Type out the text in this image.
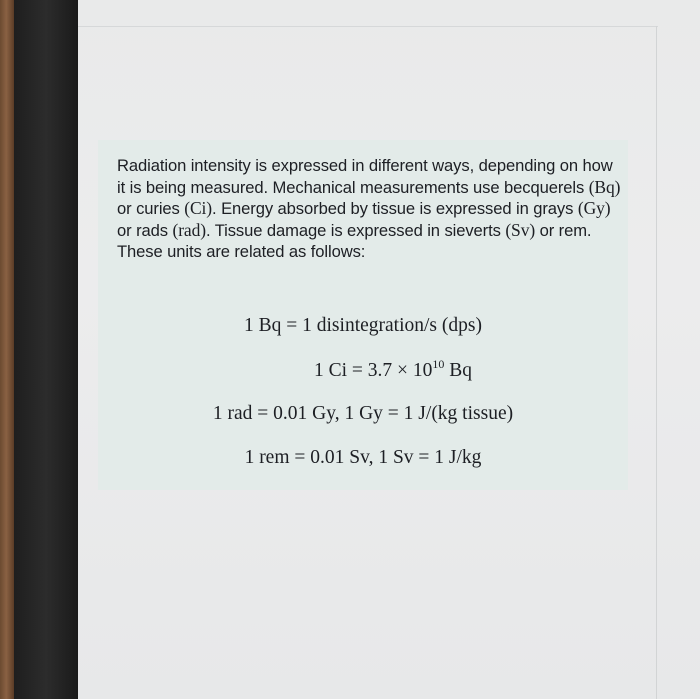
Radiation intensity is expressed in different ways, depending on how it is being measured. Mechanical measurements use becquerels (Bq) or curies (Ci). Energy absorbed by tissue is expressed in grays (Gy) or rads (rad). Tissue damage is expressed in sieverts (Sv) or rem. These units are related as follows:
1 Bq = 1 disintegration/s (dps)
1 $Ci = 3.7 \times 10^{10}$ Bq
1 rad = 0.01 Gy, 1 Gy = 1 J/(kg tissue)
1 rem = 0.01 Sv, 1 Sv = 1 J/kg
